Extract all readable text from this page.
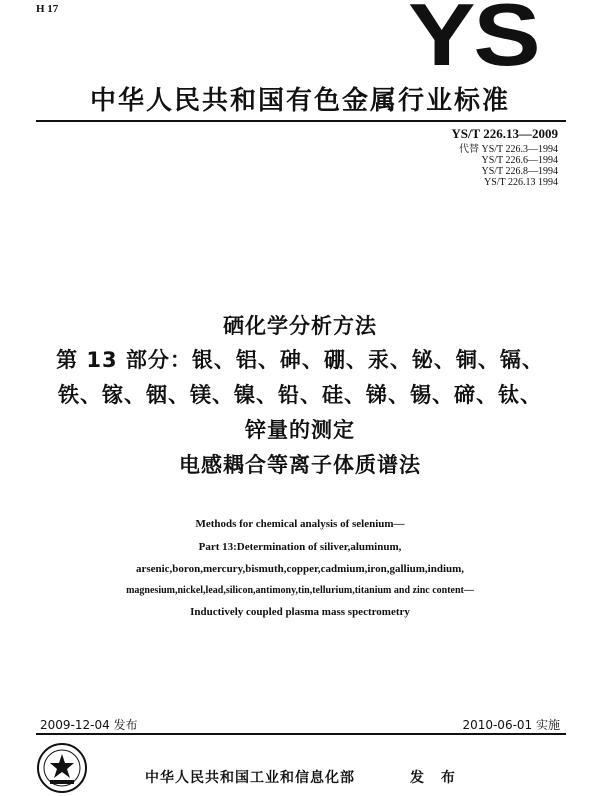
H 17	YS
中华人民共和国有色金属行业标准
YS/T 226.13—2009
代替 YS/T 226.3—1994
YS/T 226.6—1994
YS/T 226.8—1994
YS/T 226.13 1994
硒化学分析方法
第 13 部分：银、铝、砷、硼、汞、铋、铜、镉、
铁、镓、铟、镁、镍、铅、硅、锑、锡、碲、钛、
锌量的测定
电感耦合等离子体质谱法
Methods for chemical analysis of selenium—
Part 13:Determination of siliver,aluminum,
arsenic,boron,mercury,bismuth,copper,cadmium,iron,gallium,indium,
magnesium,nickel,lead,silicon,antimony,tin,tellurium,titanium and zinc content—
Inductively coupled plasma mass spectrometry
2009-12-04 发布	2010-06-01 实施
中华人民共和国工业和信息化部	发 布
